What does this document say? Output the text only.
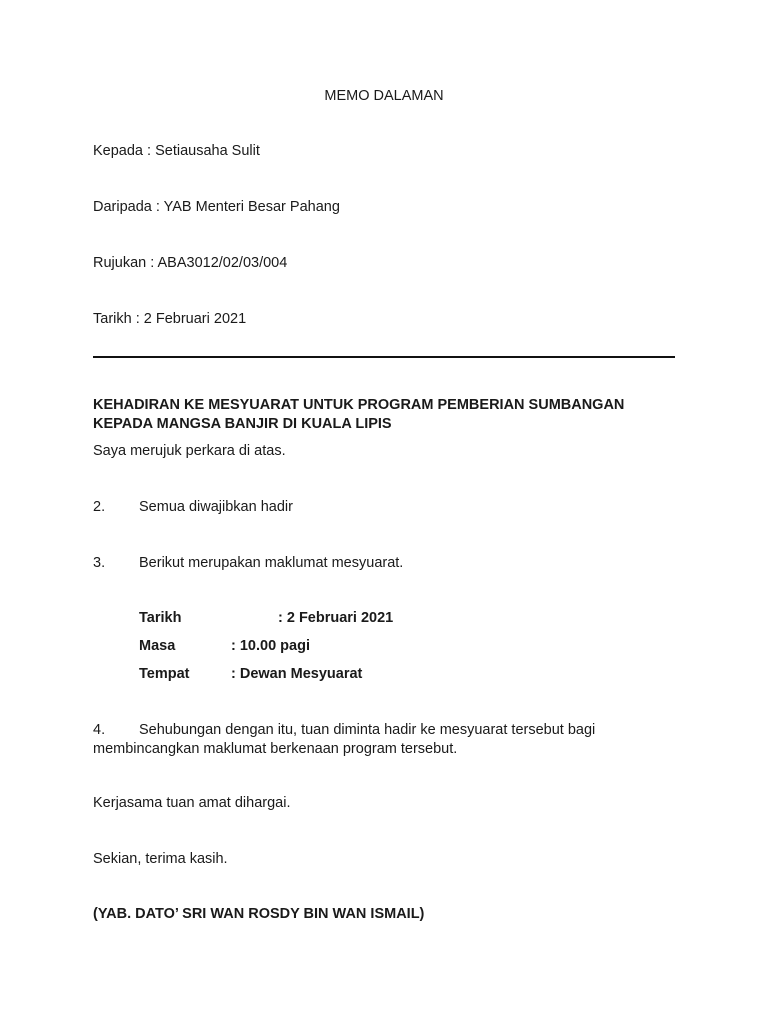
MEMO DALAMAN
Kepada : Setiausaha Sulit
Daripada : YAB Menteri Besar Pahang
Rujukan : ABA3012/02/03/004
Tarikh : 2 Februari 2021
KEHADIRAN KE MESYUARAT UNTUK PROGRAM PEMBERIAN SUMBANGAN KEPADA MANGSA BANJIR DI KUALA LIPIS
Saya merujuk perkara di atas.
2. Semua diwajibkan hadir
3. Berikut merupakan maklumat mesyuarat.
Tarikh	: 2 Februari 2021
Masa	: 10.00 pagi
Tempat	: Dewan Mesyuarat
4. Sehubungan dengan itu, tuan diminta hadir ke mesyuarat tersebut bagi membincangkan maklumat berkenaan program tersebut.
Kerjasama tuan amat dihargai.
Sekian, terima kasih.
(YAB. DATO’ SRI WAN ROSDY BIN WAN ISMAIL)
